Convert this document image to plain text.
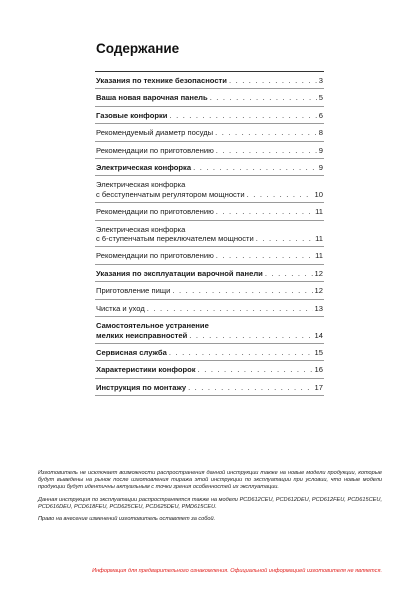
Содержание
Указания по технике безопасности . . .	3
Ваша новая варочная панель . . .	5
Газовые конфорки . . .	6
Рекомендуемый диаметр посуды . . .	8
Рекомендации по приготовлению . . .	9
Электрическая конфорка . . .	9
Электрическая конфорка
с бесступенчатым регулятором мощности . . .	10
Рекомендации по приготовлению . . .	11
Электрическая конфорка
с 6-ступенчатым переключателем мощности . . .	11
Рекомендации по приготовлению . . .	11
Указания по эксплуатации варочной панели . . .	12
Приготовление пищи . . .	12
Чистка и уход . . .	13
Самостоятельное устранение
мелких неисправностей . . .	14
Сервисная служба . . .	15
Характеристики конфорок . . .	16
Инструкция по монтажу . . .	17

Изготовитель не исключает возможности распространения данной инструкции также на новые модели продукции, которые будут выведены на рынок после изготовления тиража этой инструкции по эксплуатации при условии, что новые модели продукции будут идентичны актуальным с точки зрения особенностей их эксплуатации.

Данная инструкция по эксплуатации распространяется также на модели PCD612CEU, PCD612DEU, PCD612FEU, PCD615CEU, PCD616DEU, PCD618FEU, PCD625CEU, PCD625DEU, PMD615CEU.

Право на внесение изменений изготовитель оставляет за собой.

Информация для предварительного ознакомления. Официальной информацией изготовителя не является.
